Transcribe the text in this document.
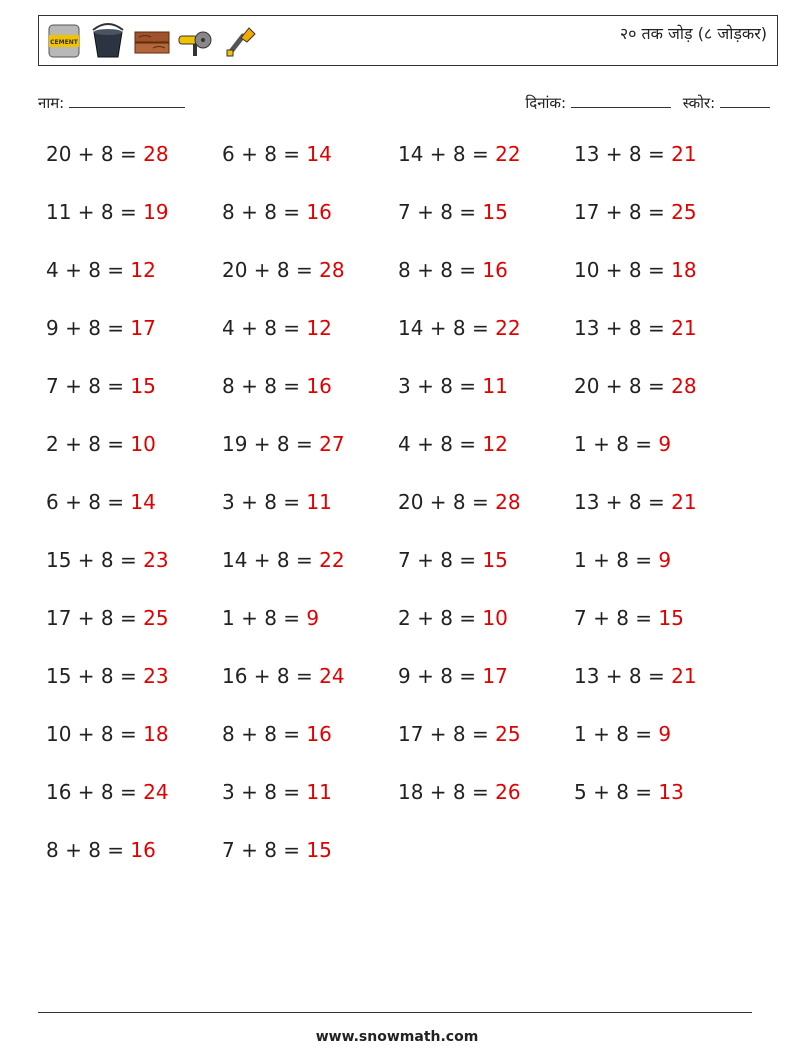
CEMENT	२० तक जोड़ (८ जोड़कर)
नाम:	दिनांक:	स्कोर:
20 + 8 = 28	6 + 8 = 14	14 + 8 = 22	13 + 8 = 21
11 + 8 = 19	8 + 8 = 16	7 + 8 = 15	17 + 8 = 25
4 + 8 = 12	20 + 8 = 28	8 + 8 = 16	10 + 8 = 18
9 + 8 = 17	4 + 8 = 12	14 + 8 = 22	13 + 8 = 21
7 + 8 = 15	8 + 8 = 16	3 + 8 = 11	20 + 8 = 28
2 + 8 = 10	19 + 8 = 27	4 + 8 = 12	1 + 8 = 9
6 + 8 = 14	3 + 8 = 11	20 + 8 = 28	13 + 8 = 21
15 + 8 = 23	14 + 8 = 22	7 + 8 = 15	1 + 8 = 9
17 + 8 = 25	1 + 8 = 9	2 + 8 = 10	7 + 8 = 15
15 + 8 = 23	16 + 8 = 24	9 + 8 = 17	13 + 8 = 21
10 + 8 = 18	8 + 8 = 16	17 + 8 = 25	1 + 8 = 9
16 + 8 = 24	3 + 8 = 11	18 + 8 = 26	5 + 8 = 13
8 + 8 = 16	7 + 8 = 15
www.snowmath.com
